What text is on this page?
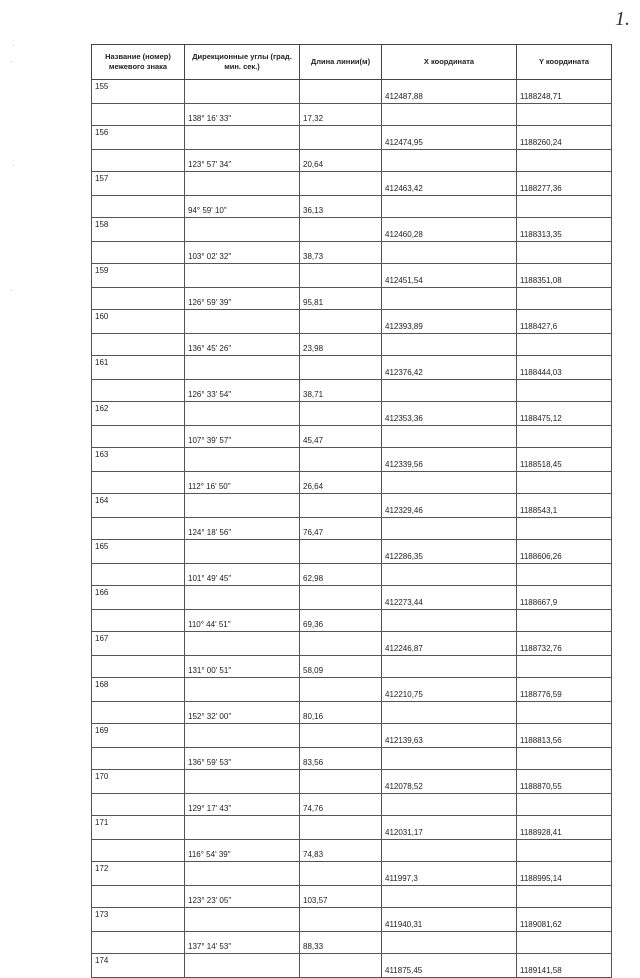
1.
·
·
·
·
Название (номер) межевого знака	Дирекционные углы (град. мин. сек.)	Длина линии(м)	X координата	Y координата
155			412487,88	1188248,71
	138° 16' 33"	17,32		
156			412474,95	1188260,24
	123° 57' 34"	20,64		
157			412463,42	1188277,36
	94° 59' 10"	36,13		
158			412460,28	1188313,35
	103° 02' 32"	38,73		
159			412451,54	1188351,08
	126° 59' 39"	95,81		
160			412393,89	1188427,6
	136° 45' 26"	23,98		
161			412376,42	1188444,03
	126° 33' 54"	38,71		
162			412353,36	1188475,12
	107° 39' 57"	45,47		
163			412339,56	1188518,45
	112° 16' 50"	26,64		
164			412329,46	1188543,1
	124° 18' 56"	76,47		
165			412286,35	1188606,26
	101° 49' 45"	62,98		
166			412273,44	1188667,9
	110° 44' 51"	69,36		
167			412246,87	1188732,76
	131° 00' 51"	58,09		
168			412210,75	1188776,59
	152° 32' 00"	80,16		
169			412139,63	1188813,56
	136° 59' 53"	83,56		
170			412078,52	1188870,55
	129° 17' 43"	74,76		
171			412031,17	1188928,41
	116° 54' 39"	74,83		
172			411997,3	1188995,14
	123° 23' 05"	103,57		
173			411940,31	1189081,62
	137° 14' 53"	88,33		
174			411875,45	1189141,58
